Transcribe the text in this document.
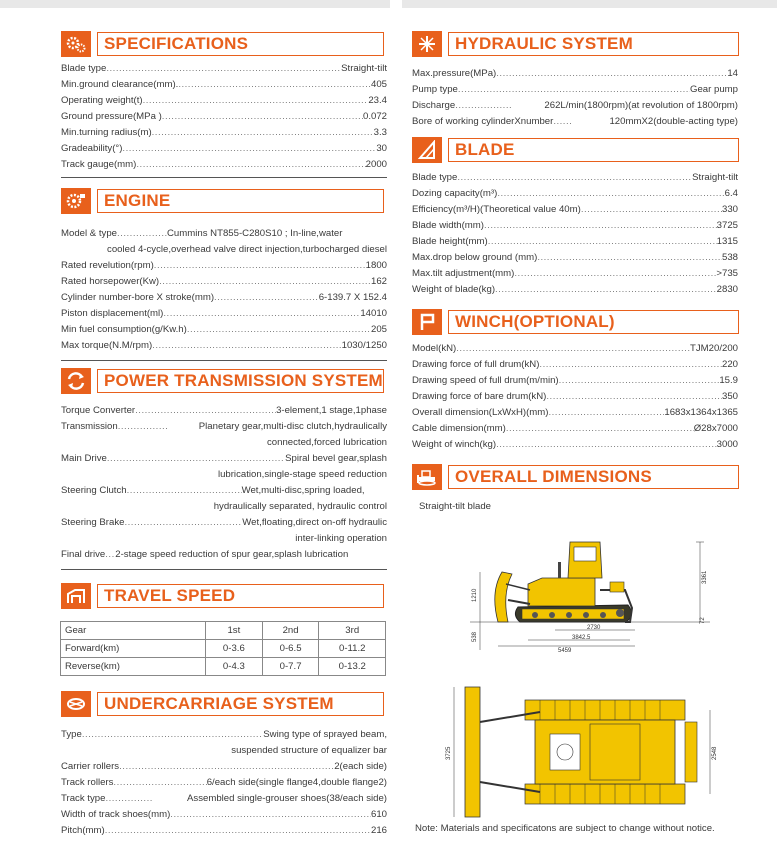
SPECIFICATIONS
Blade type .....	Straight-tilt
Min.ground clearance(mm). .....	405
Operating weight(t) .....	23.4
Ground pressure(MPa ) .....	0.072
Min.turning radius(m) .....	3.3
Gradeability(°) .....	30
Track gauge(mm) .....	2000
ENGINE
Model & type .....	Cummins NT855-C280S10 ; In-line,water
cooled 4-cycle,overhead valve direct injection,turbocharged diesel
Rated revelution(rpm) .....	1800
Rated horsepower(Kw) .....	162
Cylinder number-bore X stroke(mm) .....	6-139.7 X 152.4
Piston displacement(ml) .....	14010
Min fuel consumption(g/Kw.h) .....	205
Max torque(N.M/rpm) .....	1030/1250
POWER TRANSMISSION SYSTEM
Torque Converter .....	3-element,1 stage,1phase
Transmission .....	Planetary gear,multi-disc clutch,hydraulically
connected,forced lubrication
Main Drive .....	Spiral bevel gear,splash
lubrication,single-stage speed reduction
Steering Clutch .....	Wet,multi-disc,spring loaded,
hydraulically separated, hydraulic control
Steering Brake .....	Wet,floating,direct on-off hydraulic
inter-linking operation
Final drive ..... 2-stage speed reduction of spur gear,splash lubrication
TRAVEL SPEED
Gear	1st	2nd	3rd
Forward(km)	0-3.6	0-6.5	0-11.2
Reverse(km)	0-4.3	0-7.7	0-13.2
UNDERCARRIAGE SYSTEM
Type .....	Swing type of sprayed beam,
suspended structure of equalizer bar
Carrier rollers .....	2(each side)
Track rollers .....	6/each side(single flange4,double flange2)
Track type .....	Assembled single-grouser shoes(38/each side)
Width of track shoes(mm) .....	610
Pitch(mm) .....	216
HYDRAULIC SYSTEM
Max.pressure(MPa) .....	14
Pump type .....	Gear pump
Discharge .....	262L/min(1800rpm)(at revolution of 1800rpm)
Bore of working cylinderXnumber .....	120mmX2(double-acting type)
BLADE
Blade type .....	Straight-tilt
Dozing capacity(m³) .....	6.4
Efficiency(m³/H)(Theoretical value 40m) .....	330
Blade width(mm) .....	3725
Blade height(mm) .....	1315
Max.drop below ground (mm) .....	538
Max.tilt adjustment(mm) .....	>735
Weight of blade(kg) .....	2830
WINCH(OPTIONAL)
Model(kN) .....	TJM20/200
Drawing force of full drum(kN) .....	220
Drawing speed of full drum(m/min) .....	15.9
Drawing force of bare drum(kN) .....	350
Overall dimension(LxWxH)(mm) .....	1683x1364x1365
Cable dimension(mm) .....	Ø28x7000
Weight of winch(kg) .....	3000
OVERALL DIMENSIONS
Straight-tilt blade
3361
1210
538
72
2730
3842.5
5459
3725	2548
Note: Materials and specificatons are subject to change without notice.
